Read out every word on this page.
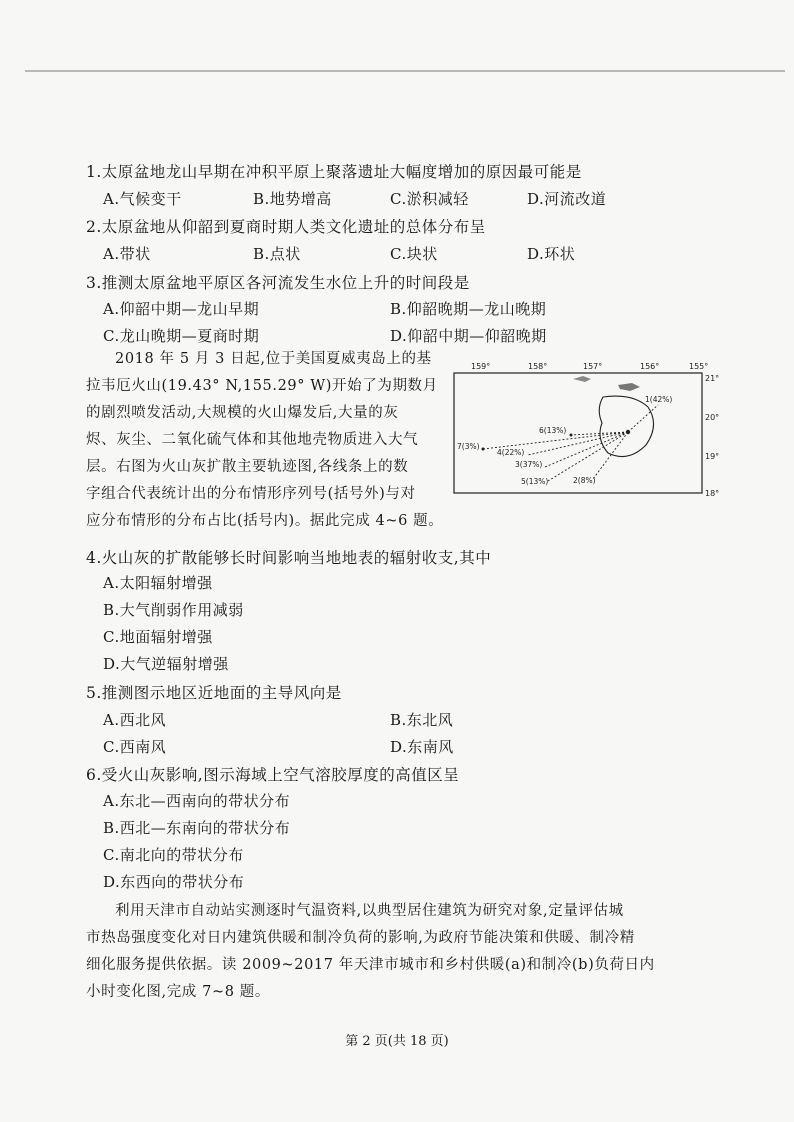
1.太原盆地龙山早期在冲积平原上聚落遗址大幅度增加的原因最可能是
A.气候变干	B.地势增高	C.淤积减轻	D.河流改道
2.太原盆地从仰韶到夏商时期人类文化遗址的总体分布呈
A.带状	B.点状	C.块状	D.环状
3.推测太原盆地平原区各河流发生水位上升的时间段是
A.仰韶中期—龙山早期	B.仰韶晚期—龙山晚期
C.龙山晚期—夏商时期	D.仰韶中期—仰韶晚期
2018 年 5 月 3 日起,位于美国夏威夷岛上的基
拉韦厄火山(19.43° N,155.29° W)开始了为期数月
的剧烈喷发活动,大规模的火山爆发后,大量的灰
烬、灰尘、二氧化硫气体和其他地壳物质进入大气
层。右图为火山灰扩散主要轨迹图,各线条上的数
字组合代表统计出的分布情形序列号(括号外)与对
应分布情形的分布占比(括号内)。据此完成 4~6 题。
159°	158°	157°	156°	155°
21°
20°
19°
18°
1(42%)
6(13%)
7(3%)
4(22%)
3(37%)
2(8%)
5(13%)
4.火山灰的扩散能够长时间影响当地地表的辐射收支,其中
A.太阳辐射增强
B.大气削弱作用减弱
C.地面辐射增强
D.大气逆辐射增强
5.推测图示地区近地面的主导风向是
A.西北风	B.东北风
C.西南风	D.东南风
6.受火山灰影响,图示海域上空气溶胶厚度的高值区呈
A.东北—西南向的带状分布
B.西北—东南向的带状分布
C.南北向的带状分布
D.东西向的带状分布
利用天津市自动站实测逐时气温资料,以典型居住建筑为研究对象,定量评估城
市热岛强度变化对日内建筑供暖和制冷负荷的影响,为政府节能决策和供暖、制冷精
细化服务提供依据。读 2009~2017 年天津市城市和乡村供暖(a)和制冷(b)负荷日内
小时变化图,完成 7~8 题。
第 2 页(共 18 页)
